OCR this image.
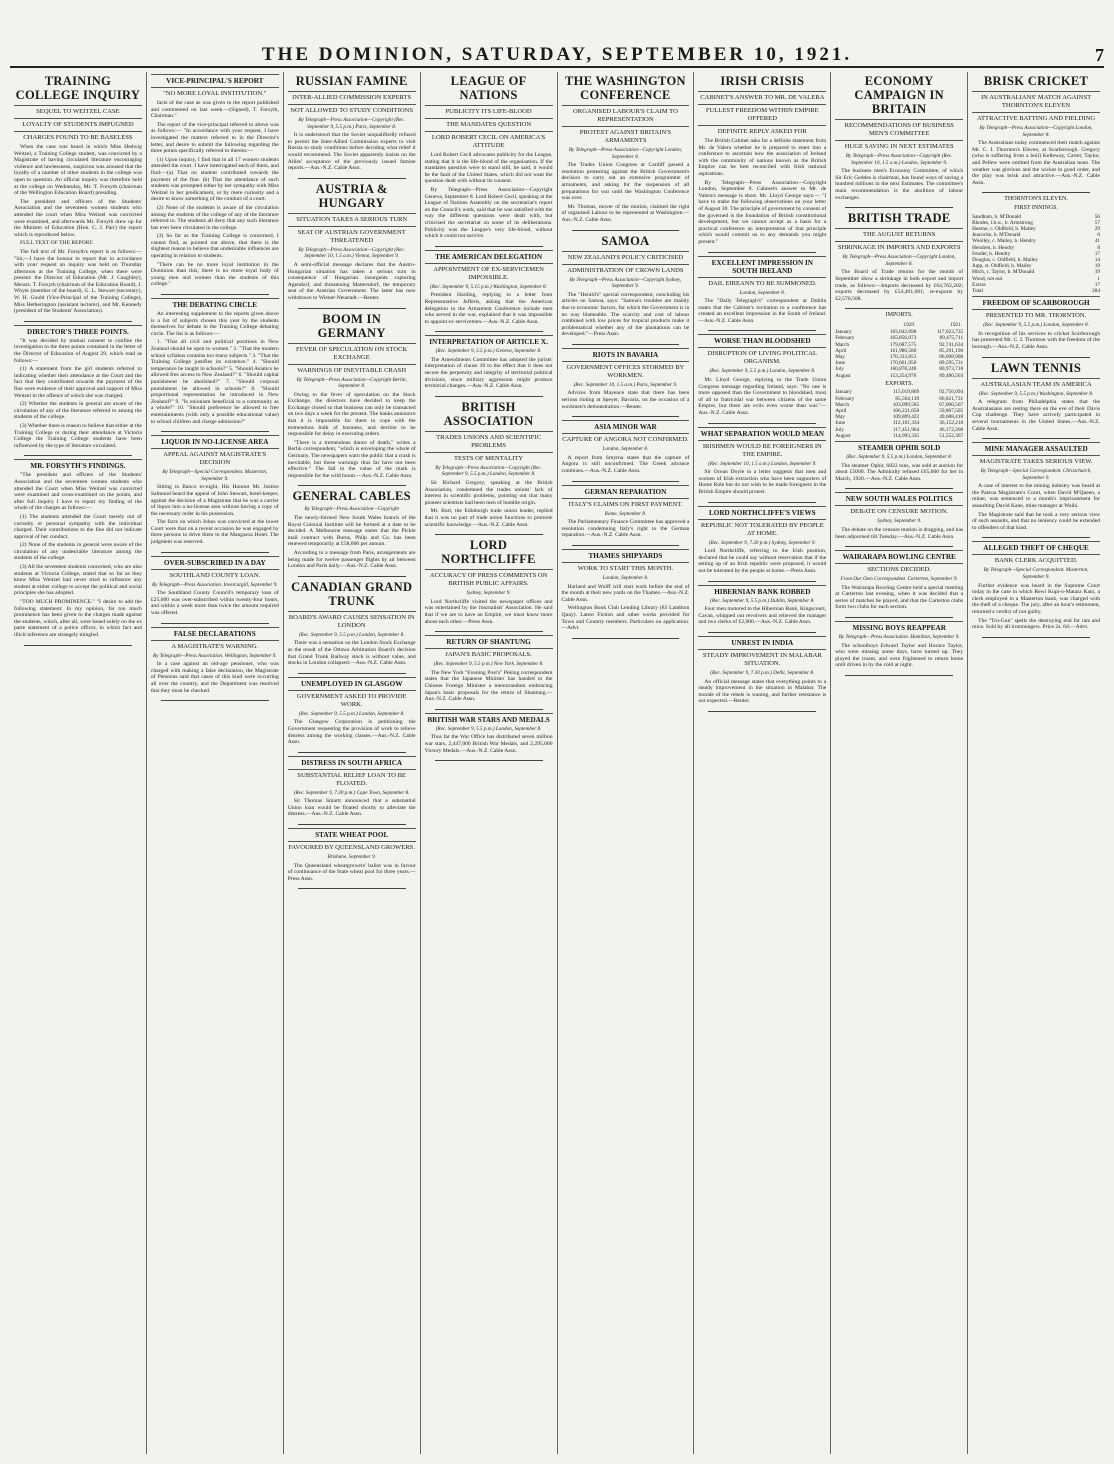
THE DOMINION, SATURDAY, SEPTEMBER 10, 1921.	7
TRAINING COLLEGE INQUIRY
SEQUEL TO WEITZEL CASE
LOYALTY OF STUDENTS IMPUGNED
CHARGES FOUND TO BE BASELESS

When the case was heard in which Miss Hedwig Weitzel, a Training College student, was convicted by a Magistrate of having circulated literature encouraging violence and lawlessness, suspicion was aroused that the loyalty of a number of other students in the college was open to question. An official inquiry was therefore held at the college on Wednesday, Mr. T. Forsyth (chairman of the Wellington Education Board) presiding.

The president and officers of the Students' Association and the seventeen women students who attended the court when Miss Weitzel was convicted were examined, and afterwards Mr. Forsyth drew up for the Minister of Education (Hon. C. J. Parr) the report which is reproduced below.

FULL TEXT OF THE REPORT.

The full text of Mr. Forsyth's report is as follows:— "Sir,—I have the honour to report that in accordance with your request an inquiry was held on Thursday afternoon at the Training College, when there were present: the Director of Education (Mr. J. Caughley), Messrs. T. Forsyth (chairman of the Education Board), J. Whyte (member of the board), G. L. Stewart (secretary), W. H. Gould (Vice-Principal of the Training College), Miss Hetherington (assistant lecturer), and Mr. Kennedy (president of the Students' Association).

DIRECTOR'S THREE POINTS.

"It was decided by mutual consent to confine the investigation to the three points contained in the letter of the Director of Education of August 29, which read as follows:—

(1) A statement from the girl students referred to indicating whether their attendance at the Court and the fact that they contributed towards the payment of the fine were evidence of their approval and support of Miss Weitzel in the offence of which she was charged.

(2) Whether the students in general are aware of the circulation of any of the literature referred to among the students of the college.

(3) Whether there is reason to believe that either at the Training College or during their attendance at Victoria College the Training College students have been influenced by the type of literature circulated.

MR. FORSYTH'S FINDINGS.

"The president and officers of the Students' Association and the seventeen women students who attended the Court when Miss Weitzel was convicted were examined and cross-examined on the points, and after full inquiry I have to report my finding of the whole of the charges as follows:—

(1) The students attended the Court merely out of curiosity or personal sympathy with the individual charged. Their contributions to the fine did not indicate approval of her conduct.

(2) None of the students in general were aware of the circulation of any undesirable literature among the students of the college.

(3) All the seventeen students concerned, who are also students at Victoria College, stated that so far as they knew Miss Weitzel had never tried to influence any student at either college to accept the political and social principles she has adopted.

"TOO MUCH PROMINENCE." "I desire to add the following statement: In my opinion, far too much prominence has been given to the charges made against the students, which, after all, were based solely on the ex parte statement of a police officer, in which fact and illicit inference are strangely mingled.

VICE-PRINCIPAL'S REPORT
"NO MORE LOYAL INSTITUTION."

facts of the case as was given to the report published and commented on last week.—(Signed), T. Forsyth, Chairman."

The report of the vice-principal referred to above was as follows:— "In accordance with your request, I have investigated the matters referred to in the Director's letter, and desire to submit the following regarding the three points specifically referred to therein:—

(1) Upon inquiry, I find that in all 17 women students attended the court. I have interrogated each of them, and find:—(a) That no student contributed towards the payment of the fine. (b) That the attendance of such students was prompted either by her sympathy with Miss Weitzel in her predicament, or by mere curiosity and a desire to know something of the conduct of a court.

(2) None of the students is aware of the circulation among the students of the college of any of the literature referred to. The students all deny that any such literature has ever been circulated in the college.

(3) So far as the Training College is concerned, I cannot find, as pointed out above, that there is the slightest reason to believe that undesirable influences are operating in relation to students.

"There can be no more loyal institution in the Dominion than this; there is no more loyal body of young men and women than the students of this college."

THE DEBATING CIRCLE

An interesting supplement to the reports given above is a list of subjects chosen this year by the students themselves for debate in the Training College debating circle. The list is as follows:—

1. "That all civil and political positions in New Zealand should be open to women." 2. "That the modern school syllabus contains too many subjects." 3. "That the Training College justifies its existence." 4. "Should temperance be taught in schools?" 5. "Should Asiatics be allowed free access to New Zealand?" 6. "Should capital punishment be abolished?" 7. "Should corporal punishment be allowed in schools?" 8. "Should proportional representation be introduced in New Zealand?" 9. "Is unionism beneficial to a community as a whole?" 10. "Should preference be allowed to free entertainments (with only a possible educational value) to school children and charge admission?"

LIQUOR IN NO-LICENSE AREA
APPEAL AGAINST MAGISTRATE'S DECISION
By Telegraph—Special Correspondent. Masterton, September 9.

Sitting in Banco to-night, His Honour Mr. Justice Salmond heard the appeal of John Stewart, hotel-keeper, against the decision of a Magistrate that he was a carrier of liquor into a no-license area without having a copy of the necessary order in his possession.

The facts on which Johns was convicted at the lower Court were that on a recent occasion he was engaged by three persons to drive them to the Mangaroa Hotel. The judgment was reserved.

OVER-SUBSCRIBED IN A DAY
SOUTHLAND COUNTY LOAN.
By Telegraph—Press Association. Invercargill, September 9.

The Southland County Council's temporary loan of £25,000 was over-subscribed within twenty-four hours, and within a week more than twice the amount required was offered.

FALSE DECLARATIONS
A MAGISTRATE'S WARNING.
By Telegraph—Press Association. Wellington, September 9.

In a case against an old-age pensioner, who was charged with making a false declaration, the Magistrate of Pensions said that cases of this kind were occurring all over the country, and the Department was resolved that they must be checked.

RUSSIAN FAMINE
INTER-ALLIED COMMISSION EXPERTS
NOT ALLOWED TO STUDY CONDITIONS
By Telegraph—Press Association—Copyright (Rec. September 9, 5.5 p.m.) Paris, September 8.

It is understood that the Soviet unqualifiedly refused to permit the Inter-Allied Commission experts to visit Russia to study conditions before deciding what relief it would recommend. The Soviet apparently insists on the Allies' acceptance of the previously issued famine reports.—Aus.-N.Z. Cable Assn.

AUSTRIA & HUNGARY
SITUATION TAKES A SERIOUS TURN
SEAT OF AUSTRIAN GOVERNMENT THREATENED
By Telegraph—Press Association—Copyright (Rec. September 10, 1.5 a.m.) Vienna, September 9.

A semi-official message declares that the Austro-Hungarian situation has taken a serious turn in consequence of Hungarian insurgents capturing Agendorf, and threatening Mattersdorf, the temporary seat of the Austrian Government. The latter has now withdrawn to Wiener-Neustadt.—Reuter.

BOOM IN GERMANY
FEVER OF SPECULATION ON STOCK EXCHANGE
WARNINGS OF INEVITABLE CRASH
By Telegraph—Press Association—Copyright Berlin, September 8.

Owing to the fever of speculation on the Stock Exchange, the directors have decided to keep the Exchange closed so that business can only be transacted on two days a week for the present. The banks announce that it is impossible for them to cope with the tremendous bulk of business, and decline to be responsible for delay in executing orders.

"There is a tremendous dance of death," writes a Berlin correspondent, "which is enveloping the whole of Germany. The newspapers warn the public that a crash is inevitable, but these warnings thus far have not been effective." The fall in the value of the mark is responsible for the wild boom.—Aus.-N.Z. Cable Assn.

GENERAL CABLES
By Telegraph—Press Association—Copyright

The newly-formed New South Wales branch of the Royal Colonial Institute will be formed at a date to be decided. A Melbourne message states that the Pickle mail contract with Burns, Philp and Co. has been renewed temporarily at £58,000 per annum.

According to a message from Paris, arrangements are being made for twelve passenger flights by air between London and Paris daily.—Aus.-N.Z. Cable Assn.

CANADIAN GRAND TRUNK
BOARD'S AWARD CAUSES SENSATION IN LONDON
(Rec. September 9, 5.5 p.m.) London, September 8.

There was a sensation on the London Stock Exchange as the result of the Ottawa Arbitration Board's decision that Grand Trunk Railway stock is without value, and stocks in London collapsed.—Aus.-N.Z. Cable Assn.

UNEMPLOYED IN GLASGOW
GOVERNMENT ASKED TO PROVIDE WORK.
(Rec. September 9, 5.5 p.m.) London, September 8.

The Glasgow Corporation is petitioning the Government requesting the provision of work to relieve distress among the working classes.—Aus.-N.Z. Cable Assn.

DISTRESS IN SOUTH AFRICA
SUBSTANTIAL RELIEF LOAN TO BE FLOATED.
(Rec. September 9, 7.30 p.m.) Cape Town, September 8.

Sir Thomas Smartt announced that a substantial Union loan would be floated shortly to alleviate the distress.—Aus.-N.Z. Cable Assn.

STATE WHEAT POOL
FAVOURED BY QUEENSLAND GROWERS.
Brisbane, September 9.

The Queensland wheatgrowers' ballot was in favour of continuance of the State wheat pool for three years.—Press Assn.

LEAGUE OF NATIONS
PUBLICITY ITS LIFE-BLOOD
THE MANDATES QUESTION
LORD ROBERT CECIL ON AMERICA'S ATTITUDE

Lord Robert Cecil advocates publicity for the League, stating that it is the life-blood of the organisation. If the mandates question were to stand still, he said, it would be the fault of the United States, which did not want the question dealt with without its consent.

By Telegraph—Press Association—Copyright Geneva, September 8. Lord Robert Cecil, speaking at the League of Nations Assembly on the secretariat's report on the Council's work, said that he was satisfied with the way the different questions were dealt with, but criticised the secretariat on some of its deliberations. Publicity was the League's very life-blood, without which it could not survive.

THE AMERICAN DELEGATION
APPOINTMENT OF EX-SERVICEMEN IMPOSSIBLE.
(Rec. September 9, 5.15 p.m.) Washington, September 8.

President Harding, replying to a letter from Representative Jefferis, asking that the American delegation to the Armament Conference include men who served in the war, explained that it was impossible to appoint ex-servicemen.—Aus.-N.Z. Cable Assn.

INTERPRETATION OF ARTICLE X.
(Rec. September 9, 5.5 p.m.) Geneva, September 8.

The Amendments Committee has adopted the jurists' interpretation of clause 10 to the effect that it does not secure the perpetuity and integrity of territorial political divisions, since military aggression might produce territorial changes.—Aus.-N.Z. Cable Assn.

BRITISH ASSOCIATION
TRADES UNIONS AND SCIENTIFIC PROBLEMS
TESTS OF MENTALITY
By Telegraph—Press Association—Copyright (Rec. September 9, 5.5 p.m.) London, September 8.

Sir Richard Gregory, speaking at the British Association, condemned the trades unions' lack of interest in scientific problems, pointing out that many pioneer scientists had been men of humble origin.

Mr. Burt, the Edinburgh trade union leader, replied that it was no part of trade union functions to promote scientific knowledge.—Aus.-N.Z. Cable Assn.

LORD NORTHCLIFFE
ACCURACY OF PRESS COMMENTS ON BRITISH PUBLIC AFFAIRS.
Sydney, September 9.

Lord Northcliffe visited the newspaper offices and was entertained by the Journalists' Association. He said that if we are to have an Empire, we must know more about each other.—Press Assn.

RETURN OF SHANTUNG
JAPAN'S BASIC PROPOSALS.
(Rec. September 9, 5.5 p.m.) New York, September 8.

The New York "Evening Post's" Peking correspondent states that the Japanese Minister has handed to the Chinese Foreign Minister a memorandum embracing Japan's basic proposals for the return of Shantung.—Aus.-N.Z. Cable Assn.

BRITISH WAR STARS AND MEDALS
(Rec. September 9, 5.5 p.m.) London, September 8.

Thus far the War Office has distributed seven million war stars, 2,447,000 British War Medals, and 2,295,000 Victory Medals.—Aus.-N.Z. Cable Assn.

THE WASHINGTON CONFERENCE
ORGANISED LABOUR'S CLAIM TO REPRESENTATION
PROTEST AGAINST BRITAIN'S ARMAMENTS
By Telegraph—Press Association—Copyright London, September 8.

The Trades Union Congress at Cardiff passed a resolution protesting against the British Government's decision to carry out an extensive programme of armaments, and asking for the suspension of all preparations for war until the Washington Conference was over.

Mr. Thomas, mover of the motion, claimed the right of organised Labour to be represented at Washington.—Aus.-N.Z. Cable Assn.

SAMOA
NEW ZEALAND'S POLICY CRITICISED
ADMINISTRATION OF CROWN LANDS
By Telegraph—Press Association—Copyright Sydney, September 9.

The "Herald's" special correspondent, concluding his articles on Samoa, says: "Samoa's troubles are mainly due to economic factors, for which the Government is in no way blameable. The scarcity and cost of labour combined with low prices for tropical products make it problematical whether any of the plantations can be developed."—Press Assn.

RIOTS IN BAVARIA
GOVERNMENT OFFICES STORMED BY WORKMEN.
(Rec. September 10, 1.5 a.m.) Paris, September 9.

Advices from Mayence state that there has been serious rioting at Speyer, Bavaria, on the occasion of a workmen's demonstration.—Reuter.

ASIA MINOR WAR
CAPTURE OF ANGORA NOT CONFIRMED.
London, September 8.

A report from Smyrna states that the capture of Angora is still unconfirmed. The Greek advance continues.—Aus.-N.Z. Cable Assn.

GERMAN REPARATION
ITALY'S CLAIMS ON FIRST PAYMENT.
Rome, September 8.

The Parliamentary Finance Committee has approved a resolution condemning Italy's right to the German reparation.—Aus.-N.Z. Cable Assn.

THAMES SHIPYARDS
WORK TO START THIS MONTH.
London, September 8.

Harland and Wolff will start work before the end of the month at their new yards on the Thames.—Aus.-N.Z. Cable Assn.

Wellington Book Club Lending Library (83 Lambton Quay). Latest Fiction and other works provided for Town and Country members. Particulars on application.—Advt.

IRISH CRISIS
CABINET'S ANSWER TO MR. DE VALERA
FULLEST FREEDOM WITHIN EMPIRE OFFERED
DEFINITE REPLY ASKED FOR

The British Cabinet asks for a definite statement from Mr. de Valera whether he is prepared to enter into a conference to ascertain how the association of Ireland with the community of nations known as the British Empire can be best reconciled with Irish national aspirations.

By Telegraph—Press Association—Copyright London, September 8. Cabinet's answer to Mr. de Valera's message is short. Mr. Lloyd George says:— "I have to make the following observations on your letter of August 30. The principle of government by consent of the governed is the foundation of British constitutional development, but we cannot accept as a basis for a practical conference an interpretation of that principle which would commit us to any demands you might present."

EXCELLENT IMPRESSION IN SOUTH IRELAND
DAIL EIREANN TO BE SUMMONED.
London, September 8.

The "Daily Telegraph's" correspondent at Dublin states that the Cabinet's invitation to a conference has created an excellent impression in the South of Ireland.—Aus.-N.Z. Cable Assn.

WORSE THAN BLOODSHED
DISRUPTION OF LIVING POLITICAL ORGANISM.
(Rec. September 9, 5.5 p.m.) London, September 8.

Mr. Lloyd George, replying to the Trade Union Congress message regarding Ireland, says: "No one is more opposed than the Government to bloodshed, most of all to fratricidal war between citizens of the same Empire, but there are evils even worse than war."—Aus.-N.Z. Cable Assn.

WHAT SEPARATION WOULD MEAN
IRISHMEN WOULD BE FOREIGNERS IN THE EMPIRE.
(Rec. September 10, 1.5 a.m.) London, September 9.

Sir Ocean Doyle in a letter suggests that men and women of Irish extraction who have been supporters of Home Rule but do not wish to be made foreigners in the British Empire should protest.

LORD NORTHCLIFFE'S VIEWS
REPUBLIC NOT TOLERATED BY PEOPLE AT HOME.
(Rec. September 9, 7.30 p.m.) Sydney, September 9.

Lord Northcliffe, referring to the Irish position, declared that he could say without reservation that if the setting up of an Irish republic were proposed, it would not be tolerated by the people at home.—Press Assn.

HIBERNIAN BANK ROBBED
(Rec. September 9, 5.5 p.m.) Dublin, September 8.

Four men motored to the Hibernian Bank, Kingscourt, Cavan, whipped out revolvers and relieved the manager and two clerks of £2,000.—Aus.-N.Z. Cable Assn.

UNREST IN INDIA
STEADY IMPROVEMENT IN MALABAR SITUATION.
(Rec. September 9, 7.30 p.m.) Delhi, September 8.

An official message states that everything points to a steady improvement in the situation in Malabar. The morale of the rebels is waning, and further resistance is not expected.—Reuter.

ECONOMY CAMPAIGN IN BRITAIN
RECOMMENDATIONS OF BUSINESS MEN'S COMMITTEE
HUGE SAVING IN NEXT ESTIMATES
By Telegraph—Press Association—Copyright (Rec. September 10, 1.5 a.m.) London, September 9.

The business men's Economy Committee, of which Sir Eric Geddes is chairman, has found ways of saving a hundred millions in the next Estimates. The committee's main recommendation is the abolition of labour exchanges.

BRITISH TRADE
THE AUGUST RETURNS
SHRINKAGE IN IMPORTS AND EXPORTS
By Telegraph—Press Association—Copyright London, September 8.

The Board of Trade returns for the month of September show a shrinkage in both export and import trade, as follows:—Imports decreased by £64,762,202; exports decreased by £54,401,681; re-exports by £2,570,508.

IMPORTS.
	1920.	1921.
January	183,842,698	117,023,735
February	165,856,073	89,475,711
March	179,687,575	92,741,634
April	161,986,580	85,291,190
May	170,333,851	86,008,908
June	170,661,956	89,595,731
July	160,878,240	80,973,718
August	153,254,976	89,480,503
EXPORTS.
January	115,019,869	92,756,094
February	85,564,139	66,821,731
March	103,099,585	67,000,567
April	106,231,658	59,867,505
May	109,809,422	49,688,418
June	112,101,334	36,152,218
July	117,451,964	46,172,268
August	114,993,335	51,552,367
STEAMER OPHIR SOLD
(Rec. September 9, 5.5 p.m.) London, September 8.

The steamer Ophir, 6822 tons, was sold at auction for about £5000. The Admiralty refused £65,000 for her in March, 1920.—Aus.-N.Z. Cable Assn.

NEW SOUTH WALES POLITICS
DEBATE ON CENSURE MOTION.
Sydney, September 9.

The debate on the censure motion is dragging, and has been adjourned till Tuesday.—Aus.-N.Z. Cable Assn.

WAIRARAPA BOWLING CENTRE
SECTIONS DECIDED.
From Our Own Correspondent. Carterton, September 9.

The Wairarapa Bowling Centre held a special meeting at Carterton last evening, when it was decided that a series of matches be played, and that the Carterton clubs form two clubs for each section.

MISSING BOYS REAPPEAR
By Telegraph—Press Association. Hamilton, September 9.

The schoolboys Edward Taylor and Horace Taylor, who were missing some days, have turned up. They played the truant, and were frightened to return home until driven in by the cold at night.

BRISK CRICKET
IN AUSTRALIANS' MATCH AGAINST THORNTON'S ELEVEN
ATTRACTIVE BATTING AND FIELDING
By Telegraph—Press Association—Copyright London, September 8.

The Australians today commenced their match against Mr. C. I. Thornton's Eleven, at Scarborough. Gregory (who is suffering from a boil) Kelleway, Carter, Taylor, and Pellew were omitted from the Australian team. The weather was glorious and the wicket in good order, and the play was brisk and attractive.—Aus.-N.Z. Cable Assn.

THORNTON'S ELEVEN.
FIRST INNINGS.
Sandham, b. M'Donald	56
Rhodes, l.b.w., b. Armstrong	57
Hearne, c. Oldfield, b. Mailey	29
Jeacocke, b. M'Donald	6
Woolley, c. Mailey, b. Hendry	41
Hendren, b. Hendry	8
Fender, b. Hendry	17
Douglas, c. Oldfield, b. Mailey	14
Jupp, st. Oldfield, b. Mailey	19
Hitch, c. Taylor, b. M'Donald	19
Wood, not out	1
Extras	17
Total	284
FREEDOM OF SCARBOROUGH
PRESENTED TO MR. THORNTON.
(Rec. September 9, 5.5 p.m.) London, September 8.

In recognition of his services to cricket Scarborough has presented Mr. C. I. Thornton with the freedom of the borough.—Aus.-N.Z. Cable Assn.

LAWN TENNIS
AUSTRALASIAN TEAM IN AMERICA
(Rec. September 9, 5.5 p.m.) Washington, September 8.

A telegram from Philadelphia states that the Australasians are resting there on the eve of their Davis Cup challenge. They have actively participated in several tournaments in the United States.—Aus.-N.Z. Cable Assn.

MINE MANAGER ASSAULTED
MAGISTRATE TAKES SERIOUS VIEW.
By Telegraph—Special Correspondent. Christchurch, September 9.

A case of interest to the mining industry was heard at the Paeroa Magistrate's Court, when David M'Queen, a miner, was sentenced to a month's imprisonment for assaulting David Kane, mine manager at Waihi.

The Magistrate said that he took a very serious view of such assaults, and that no leniency could be extended to offenders of that kind.

ALLEGED THEFT OF CHEQUE
BANK CLERK ACQUITTED.
By Telegraph—Special Correspondent. Masterton, September 9.

Further evidence was heard in the Supreme Court today in the case in which Rewi Kupi-o-Matara Kani, a clerk employed in a Masterton bank, was charged with the theft of a cheque. The jury, after an hour's retirement, returned a verdict of not guilty.

The "Tru-Gun" spells the destroying end for rats and mice. Sold by all ironmongers. Price 2s. 6d.—Advt.
